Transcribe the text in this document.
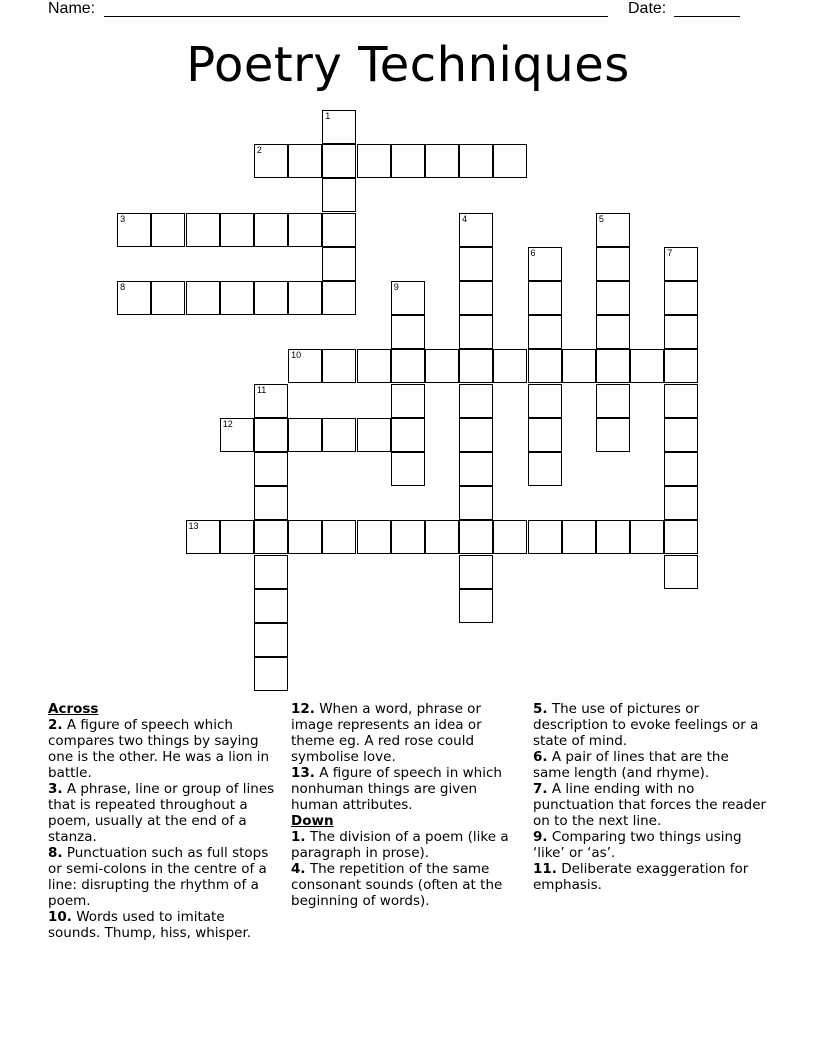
Name:	Date:
Poetry Techniques
2
3
8
10
12
13
1
4	5
6	7
9
11
Across
2. A figure of speech which compares two things by saying one is the other. He was a lion in battle.
3. A phrase, line or group of lines that is repeated throughout a poem, usually at the end of a stanza.
8. Punctuation such as full stops or semi-colons in the centre of a line: disrupting the rhythm of a poem.
10. Words used to imitate sounds. Thump, hiss, whisper.
12. When a word, phrase or image represents an idea or theme eg. A red rose could symbolise love.
13. A figure of speech in which nonhuman things are given human attributes.
Down
1. The division of a poem (like a paragraph in prose).
4. The repetition of the same consonant sounds (often at the beginning of words).
5. The use of pictures or description to evoke feelings or a state of mind.
6. A pair of lines that are the same length (and rhyme).
7. A line ending with no punctuation that forces the reader on to the next line.
9. Comparing two things using ‘like’ or ‘as’.
11. Deliberate exaggeration for emphasis.
